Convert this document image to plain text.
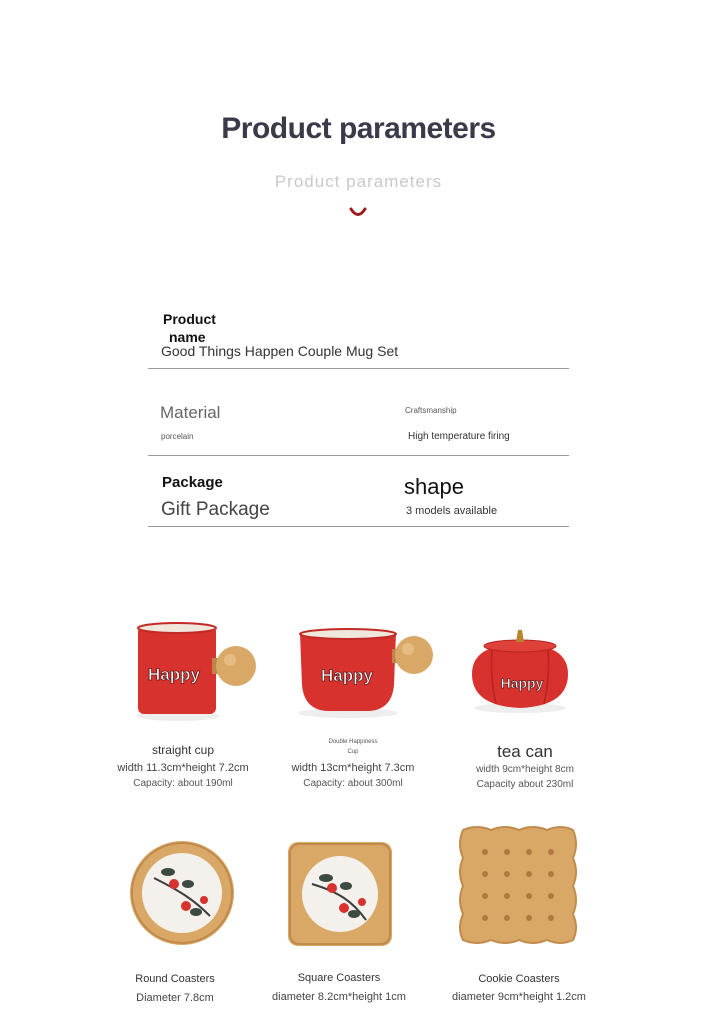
Product parameters
Product parameters
Product
name
Good Things Happen Couple Mug Set
Material
porcelain
Craftsmanship
High temperature firing
Package
Gift Package
shape
3 models available
Happy
straight cup
width 11.3cm*height 7.2cm
Capacity: about 190ml
Happy
Double Happiness
Cup
width 13cm*height 7.3cm
Capacity: about 300ml
Happy
tea can
width 9cm*height 8cm
Capacity about 230ml
Round Coasters
Diameter 7.8cm
Square Coasters
diameter 8.2cm*height 1cm
Cookie Coasters
diameter 9cm*height 1.2cm
